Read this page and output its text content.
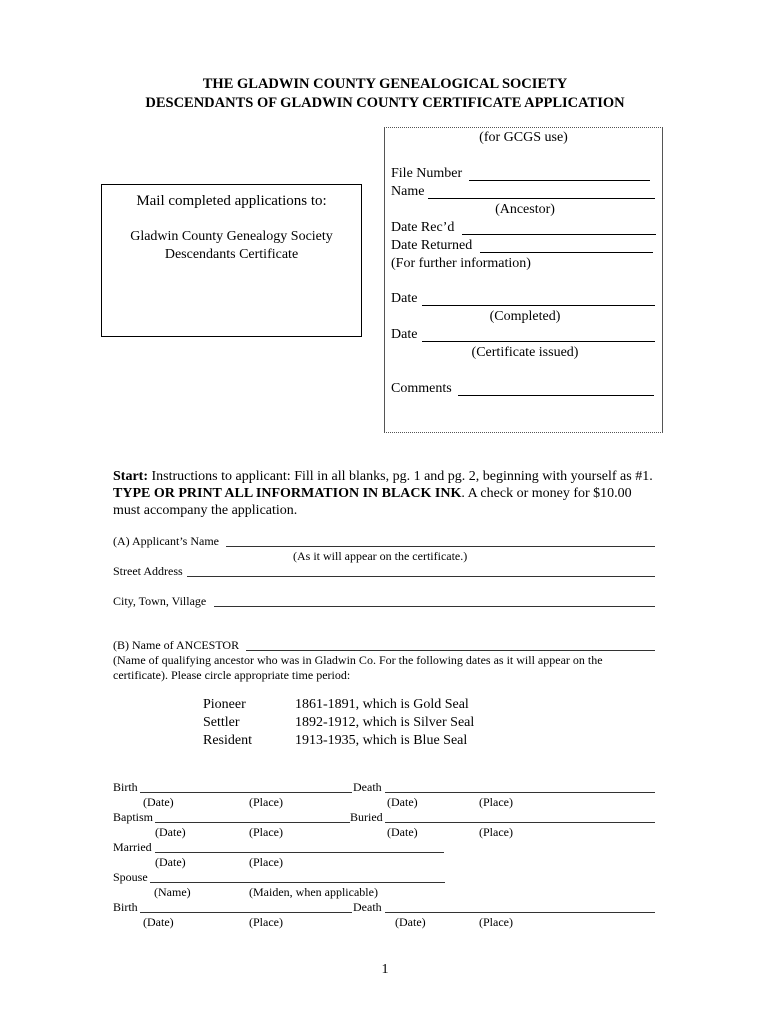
THE GLADWIN COUNTY GENEALOGICAL SOCIETY
DESCENDANTS OF GLADWIN COUNTY CERTIFICATE APPLICATION
Mail completed applications to:
Gladwin County Genealogy Society
Descendants Certificate
(for GCGS use)
File Number
Name
(Ancestor)
Date Rec’d
Date Returned
(For further information)
Date
(Completed)
Date
(Certificate issued)
Comments
Start: Instructions to applicant: Fill in all blanks, pg. 1 and pg. 2, beginning with yourself as #1.
TYPE OR PRINT ALL INFORMATION IN BLACK INK. A check or money for $10.00
must accompany the application.
(A) Applicant’s Name
(As it will appear on the certificate.)
Street Address
City, Town, Village
(B) Name of ANCESTOR
(Name of qualifying ancestor who was in Gladwin Co. For the following dates as it will appear on the
certificate). Please circle appropriate time period:
Pioneer	1861-1891, which is Gold Seal
Settler	1892-1912, which is Silver Seal
Resident	1913-1935, which is Blue Seal
Birth	Death
(Date)	(Place)	(Date)	(Place)
Baptism	Buried
(Date)	(Place)	(Date)	(Place)
Married
(Date)	(Place)
Spouse
(Name)	(Maiden, when applicable)
Birth	Death
(Date)	(Place)	(Date)	(Place)
1
